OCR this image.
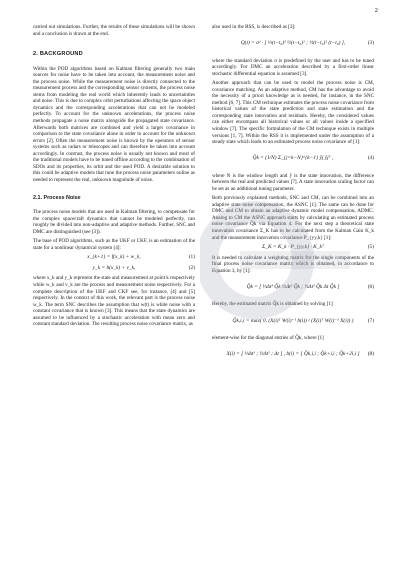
2

carried out simulations. Further, the results of these simulations will be shown and a conclusion is drawn at the end.

2. BACKGROUND

Within the POD algorithms based on Kalman filtering generally two main sources for noise have to be taken into account, the measurement noise and the process noise. While the measurement noise is directly connected to the measurement process and the corresponding sensor systems, the process noise stems from modeling the real world which inherently leads to uncertainties and noise. This is due to complex orbit perturbations affecting the space object dynamics and the corresponding accelerations that can not be modeled perfectly. To account for the unknown accelerations, the process noise methods propagate a noise matrix alongside the propagated state covariance. Afterwards both matrices are combined and yield a larger covariance in comparison to the state covariance alone in order to account for the unknown errors [2]. Often the measurement noise is known by the operators of sensor systems such as radars or telescopes and can therefore be taken into account accordingly. In contrast, the process noise is usually not known and most of the traditional models have to be tuned offline according to the combination of SDOs and its properties, its orbit and the used POD. A desirable solution to this could be adaptive models that tune the process noise parameters online as needed to represent the real, unknown magnitude of noise.

2.1. Process Noise

The process noise models that are used in Kalman filtering, to compensate for the complex spacecraft dynamics that cannot be modeled perfectly, can roughly be divided into non-adaptive and adaptive methods. Further, SNC and DMC are distinguished (see [3]).

The base of POD algorithms, such as the UKF or CKF, is an estimation of the state for a nonlinear dynamical system [4]:

x_{k+1} = f(x_k) + w_k,	(1)
y_k = h(x_k) + v_k,	(2)

where x_k and y_k represent the state and measurement at point k respectively while w_k and v_k are the process and measurement noise respectively. For a complete description of the UKF and CKF see, for instance, [4] and [5] respectively. In the context of this work, the relevant part is the process noise w_k. The term SNC describes the assumption that w(t) is white noise with a constant covariance that is known [3]. This means that the state dynamics are assumed to be influenced by a stochastic acceleration with mean zero and constant standard deviation. The resulting process noise covariance matrix, as

also used in the RSS, is described as [3]:

Q(t) = σ² · [ ⅓(t−t₀)³ ½(t−t₀)² ; ½(t−t₀)² (t−t₀) ],	(3)

where the standard deviation σ is predefined by the user and has to be tuned accordingly. For DMC an acceleration described by a first-order linear stochastic differential equation is assumed [3].

Another approach that can be used to model the process noise is CM, covariance matching. As an adaptive method, CM has the advantage to avoid the necessity of a priori knowledge as is needed, for instance, in the SNC method [6, 7]. This CM technique estimates the process noise covariance from historical values of the state prediction and state estimation and the corresponding state innovation and residuals. Hereby, the considered values can either encompass all historical values or all values inside a specified window [7]. The specific formulation of the CM technique exists in multiple versions [1, 7]. Within the RSS it is implemented under the assumption of a steady state which leads to an estimated process noise covariance of [1]:

Q̂k = (1/N) Σ_{j=k−N}^{k−1} ỹj ỹjᵀ ,	(4)

where N is the window length and ỹ is the state innovation, the difference between the real and predicted values [7]. A state innovation scaling factor can be set as an additional tuning parameter.

Both previously explained methods, SNC and CM, can be combined into an adaptive state noise compensation, the ASNC [1]. The same can be done for DMC and CM to obtain an adaptive dynamic model compensation, ADMC. Analog to CM the ASNC approach starts by calculating an estimated process noise covariance Q̂k via Equation 4. For the next step a theoretical state innovation covariance Σ_K has to be calculated from the Kalman Gain K_k and the measurement innovation covariance P_{yy,k} [1]:

Σ_K = K_k · P_{yy,k} · K_kᵀ	(5)

It is needed to calculate a weighting matrix for the single components of the final process noise covariance matrix which is obtained, in accordance to Equation 3, by [1]:

Q̃k = [ ⅓Δt³ Q̃k ½Δt² Q̃k ; ½Δt² Q̃k Δt Q̃k ]	(6)

Hereby, the estimated matrix Q̃k is obtained by solving [1]

Q̃k,i,i = max( 0, (X(i)ᵀ W(i)⁻¹ b(i)) / (X(i)ᵀ W(i)⁻¹ X(i)) )	(7)

element-wise for the diagonal entries of Q̃k, where [1]

X(i) = [ ⅓Δt³ ; ½Δt² ; Δt ] , b(i) = [ Q̂k,i,i ; Q̂k+i,i ; Q̂k+2i,i ] (8)
